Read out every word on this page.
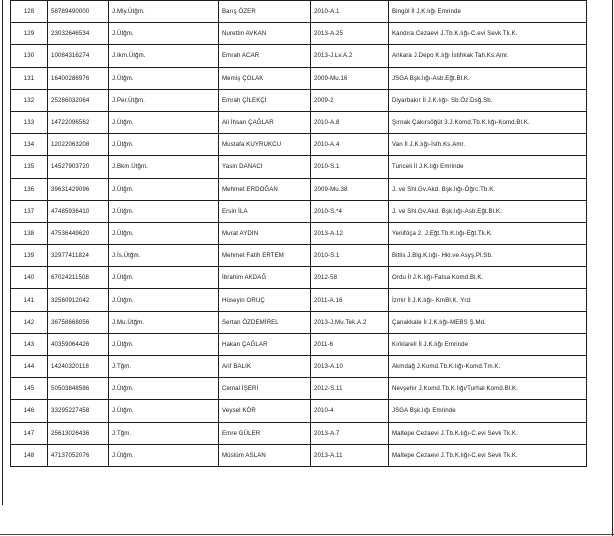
128	58789490000	J.Mly.Ütğm.	Barış ÖZER	2010-A.1	Bingöl İl J.K.lığı Emrinde
129	23032646534	J.Ütğm.	Nurettin AVKAN	2013-A.25	Kandıra Cezaevi J.Tb.K.lığı-C.evi Sevk Tk.K.
130	10084316274	J.Ikm.Ütğm.	Emrah ACAR	2013-J.Lv.A.2	Ankara J.Depo K.lığı İstihkak Tah.Ks.Amr.
131	16400286976	J.Ütğm.	Memiş ÇOLAK	2009-Mu.16	JSGA Bşk.lığı-Asb.Eğt.Bl.K.
132	25286032064	J.Per.Ütğm.	Emrah ÇİLEKÇİ	2009-2	Diyarbakır İl J.K.lığı- Sb.Öz.Dsğ.Sb.
133	14722096562	J.Ütğm.	Ali İhsan ÇAĞLAR	2010-A.8	Şırnak Çakırsöğüt 3.J.Komd.Tb.K.lığı-Komd.Bl.K.
134	12022063208	J.Ütğm.	Mustafa KUYRUKCU	2010-A.4	Van İl J.K.lığı-İsth.Ks.Amr.
135	14527903720	J.Bkm.Ütğm.	Yasin DANACI	2010-S.1	Tunceli İl J.K.lığı Emrinde
136	39631429096	J.Ütğm.	Mehmet ERDOĞAN	2009-Mu.38	J. ve Shl.Gv.Akd. Bşk.lığı-Öğrc.Tb.K.
137	47485936410	J.Ütğm.	Ersin İLA	2010-S.*4	J. ve Shl.Gv.Akd. Bşk.lığı-Asb.Eğt.Bl.K.
138	47536449620	J.Ütğm.	Murat AYDIN	2013-A.12	Yeniföça 2. J.Eğt.Tb.K.lığı-Eğt.Tk.K.
139	32977411824	J.İs.Ütğm.	Mehmet Fatih ERTEM	2010-S.1	Bitlis J.Blg.K.lığı- Hkl.ve Asyş.Pl.Sb.
140	67024211508	J.Ütğm.	İbrahim AKDAĞ	2012-58	Ordu İl J.K.lığı-Fatsa Komd.Bl.K.
141	32560912042	J.Ütğm.	Hüseyin ORUÇ	2011-A.16	İzmir İl J.K.lığı- KmBl.K. Yrd.
142	36758668056	J.Mu.Ütğm.	Sertan ÖZDEMİREL	2013-J.Mu.Tek.A.2	Çanakkale İl J.K.lığı-MEBS Ş.Md.
143	40359064426	J.Ütğm.	Hakan ÇAĞLAR	2011-6	Kırklareli İl J.K.lığı Emrinde
144	14240320118	J.Tğm.	Arif BALIK	2013-A.10	Akmdağ J.Komd.Tb.K.lığı-Komd.Tm.K.
145	50503848586	J.Ütğm.	Cemal İŞERİ	2012-S.11	Nevşehir J.Komd.Tb.K.lığı/Turhal Komd.Bl.K.
146	33295227458	J.Ütğm.	Veysel KÖR	2010-4	JSGA Bşk.lığı Emrinde
147	25613026436	J.Tğm.	Emre GÜLER	2013-A.7	Maltepe Cezaevi J.Tb.K.lığı-C.evi Sevk Tk.K.
148	47137052076	J.Ütğm.	Müslüm ASLAN	2013-A.11	Maltepe Cezaevi J.Tb.K.lığı-C.evi Sevk Tk.K.
